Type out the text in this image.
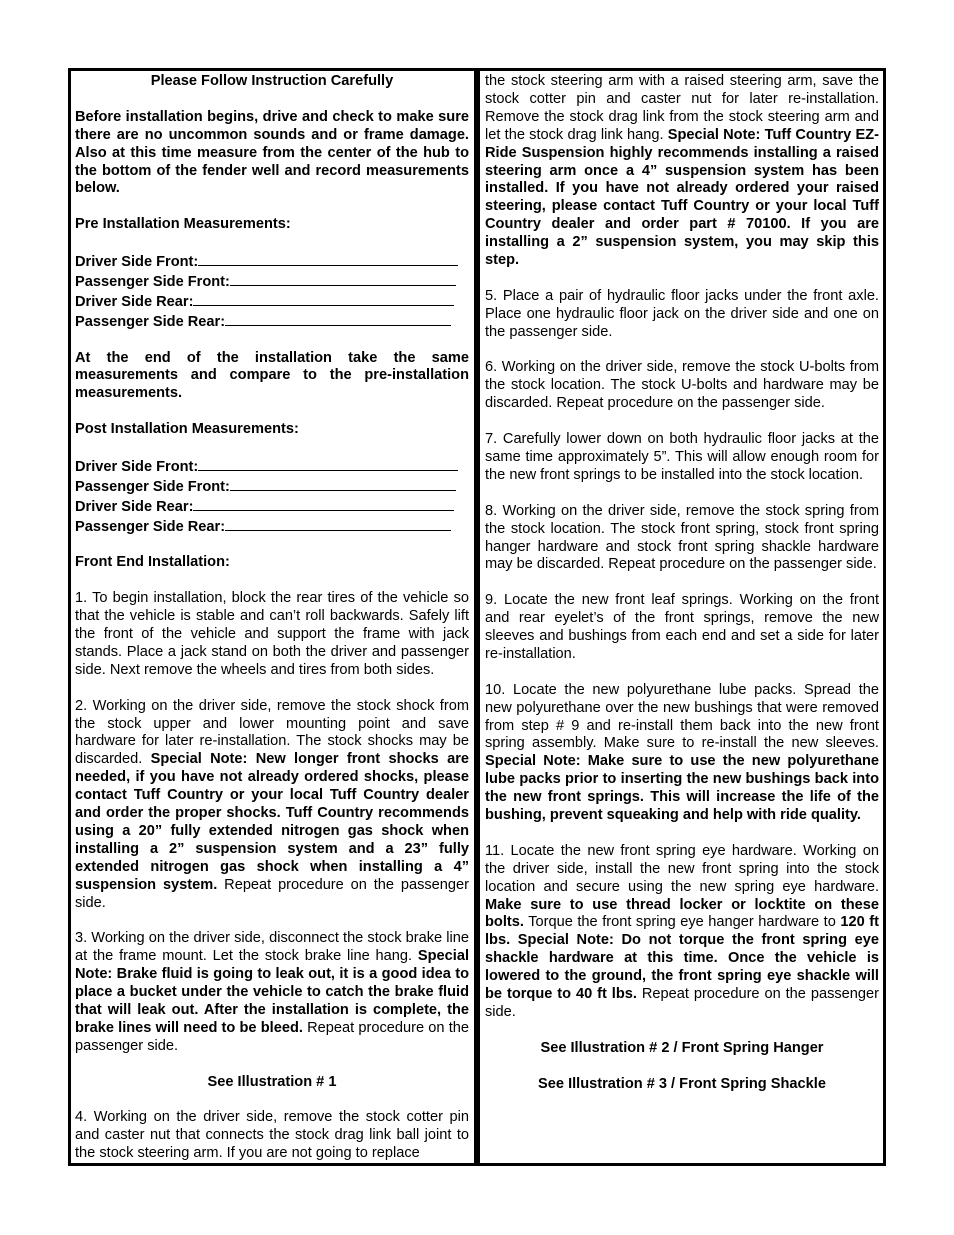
Please Follow Instruction Carefully

Before installation begins, drive and check to make sure there are no uncommon sounds and or frame damage. Also at this time measure from the center of the hub to the bottom of the fender well and record measurements below.

Pre Installation Measurements:

Driver Side Front:
Passenger Side Front:
Driver Side Rear:
Passenger Side Rear:

At the end of the installation take the same measurements and compare to the pre-installation measurements.

Post Installation Measurements:

Driver Side Front:
Passenger Side Front:
Driver Side Rear:
Passenger Side Rear:

Front End Installation:

1. To begin installation, block the rear tires of the vehicle so that the vehicle is stable and can’t roll backwards. Safely lift the front of the vehicle and support the frame with jack stands. Place a jack stand on both the driver and passenger side. Next remove the wheels and tires from both sides.

2. Working on the driver side, remove the stock shock from the stock upper and lower mounting point and save hardware for later re-installation. The stock shocks may be discarded. Special Note: New longer front shocks are needed, if you have not already ordered shocks, please contact Tuff Country or your local Tuff Country dealer and order the proper shocks. Tuff Country recommends using a 20” fully extended nitrogen gas shock when installing a 2” suspension system and a 23” fully extended nitrogen gas shock when installing a 4” suspension system. Repeat procedure on the passenger side.

3. Working on the driver side, disconnect the stock brake line at the frame mount. Let the stock brake line hang. Special Note: Brake fluid is going to leak out, it is a good idea to place a bucket under the vehicle to catch the brake fluid that will leak out. After the installation is complete, the brake lines will need to be bleed. Repeat procedure on the passenger side.

See Illustration # 1

4. Working on the driver side, remove the stock cotter pin and caster nut that connects the stock drag link ball joint to the stock steering arm. If you are not going to replace

the stock steering arm with a raised steering arm, save the stock cotter pin and caster nut for later re-installation. Remove the stock drag link from the stock steering arm and let the stock drag link hang. Special Note: Tuff Country EZ-Ride Suspension highly recommends installing a raised steering arm once a 4” suspension system has been installed. If you have not already ordered your raised steering, please contact Tuff Country or your local Tuff Country dealer and order part # 70100. If you are installing a 2” suspension system, you may skip this step.

5. Place a pair of hydraulic floor jacks under the front axle. Place one hydraulic floor jack on the driver side and one on the passenger side.

6. Working on the driver side, remove the stock U-bolts from the stock location. The stock U-bolts and hardware may be discarded. Repeat procedure on the passenger side.

7. Carefully lower down on both hydraulic floor jacks at the same time approximately 5”. This will allow enough room for the new front springs to be installed into the stock location.

8. Working on the driver side, remove the stock spring from the stock location. The stock front spring, stock front spring hanger hardware and stock front spring shackle hardware may be discarded. Repeat procedure on the passenger side.

9. Locate the new front leaf springs. Working on the front and rear eyelet’s of the front springs, remove the new sleeves and bushings from each end and set a side for later re-installation.

10. Locate the new polyurethane lube packs. Spread the new polyurethane over the new bushings that were removed from step # 9 and re-install them back into the new front spring assembly. Make sure to re-install the new sleeves. Special Note: Make sure to use the new polyurethane lube packs prior to inserting the new bushings back into the new front springs. This will increase the life of the bushing, prevent squeaking and help with ride quality.

11. Locate the new front spring eye hardware. Working on the driver side, install the new front spring into the stock location and secure using the new spring eye hardware. Make sure to use thread locker or locktite on these bolts. Torque the front spring eye hanger hardware to 120 ft lbs. Special Note: Do not torque the front spring eye shackle hardware at this time. Once the vehicle is lowered to the ground, the front spring eye shackle will be torque to 40 ft lbs. Repeat procedure on the passenger side.

See Illustration # 2 / Front Spring Hanger

See Illustration # 3 / Front Spring Shackle
